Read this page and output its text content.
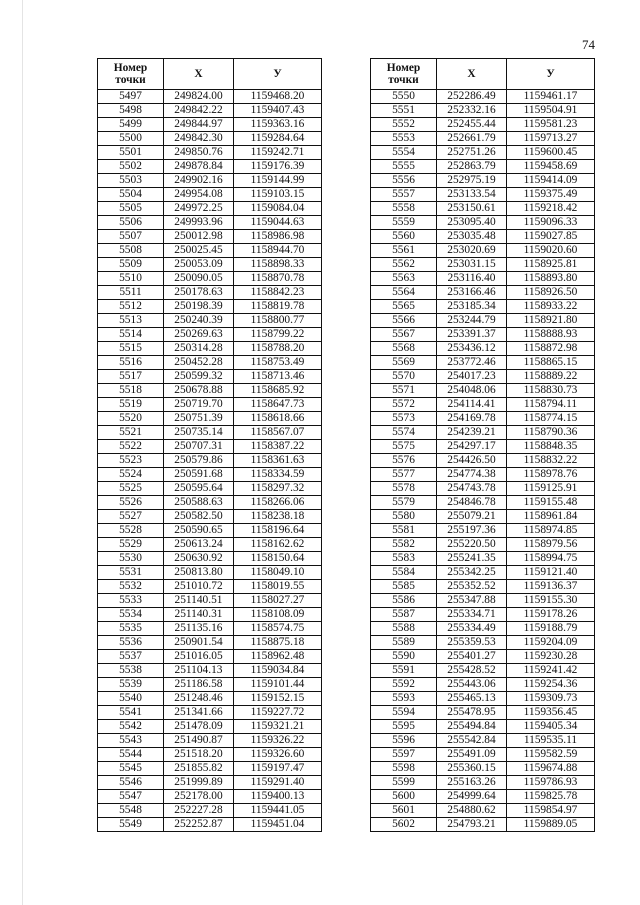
74
Номер
точки	X	У
5497	249824.00	1159468.20
5498	249842.22	1159407.43
5499	249844.97	1159363.16
5500	249842.30	1159284.64
5501	249850.76	1159242.71
5502	249878.84	1159176.39
5503	249902.16	1159144.99
5504	249954.08	1159103.15
5505	249972.25	1159084.04
5506	249993.96	1159044.63
5507	250012.98	1158986.98
5508	250025.45	1158944.70
5509	250053.09	1158898.33
5510	250090.05	1158870.78
5511	250178.63	1158842.23
5512	250198.39	1158819.78
5513	250240.39	1158800.77
5514	250269.63	1158799.22
5515	250314.28	1158788.20
5516	250452.28	1158753.49
5517	250599.32	1158713.46
5518	250678.88	1158685.92
5519	250719.70	1158647.73
5520	250751.39	1158618.66
5521	250735.14	1158567.07
5522	250707.31	1158387.22
5523	250579.86	1158361.63
5524	250591.68	1158334.59
5525	250595.64	1158297.32
5526	250588.63	1158266.06
5527	250582.50	1158238.18
5528	250590.65	1158196.64
5529	250613.24	1158162.62
5530	250630.92	1158150.64
5531	250813.80	1158049.10
5532	251010.72	1158019.55
5533	251140.51	1158027.27
5534	251140.31	1158108.09
5535	251135.16	1158574.75
5536	250901.54	1158875.18
5537	251016.05	1158962.48
5538	251104.13	1159034.84
5539	251186.58	1159101.44
5540	251248.46	1159152.15
5541	251341.66	1159227.72
5542	251478.09	1159321.21
5543	251490.87	1159326.22
5544	251518.20	1159326.60
5545	251855.82	1159197.47
5546	251999.89	1159291.40
5547	252178.00	1159400.13
5548	252227.28	1159441.05
5549	252252.87	1159451.04
Номер
точки	X	У
5550	252286.49	1159461.17
5551	252332.16	1159504.91
5552	252455.44	1159581.23
5553	252661.79	1159713.27
5554	252751.26	1159600.45
5555	252863.79	1159458.69
5556	252975.19	1159414.09
5557	253133.54	1159375.49
5558	253150.61	1159218.42
5559	253095.40	1159096.33
5560	253035.48	1159027.85
5561	253020.69	1159020.60
5562	253031.15	1158925.81
5563	253116.40	1158893.80
5564	253166.46	1158926.50
5565	253185.34	1158933.22
5566	253244.79	1158921.80
5567	253391.37	1158888.93
5568	253436.12	1158872.98
5569	253772.46	1158865.15
5570	254017.23	1158889.22
5571	254048.06	1158830.73
5572	254114.41	1158794.11
5573	254169.78	1158774.15
5574	254239.21	1158790.36
5575	254297.17	1158848.35
5576	254426.50	1158832.22
5577	254774.38	1158978.76
5578	254743.78	1159125.91
5579	254846.78	1159155.48
5580	255079.21	1158961.84
5581	255197.36	1158974.85
5582	255220.50	1158979.56
5583	255241.35	1158994.75
5584	255342.25	1159121.40
5585	255352.52	1159136.37
5586	255347.88	1159155.30
5587	255334.71	1159178.26
5588	255334.49	1159188.79
5589	255359.53	1159204.09
5590	255401.27	1159230.28
5591	255428.52	1159241.42
5592	255443.06	1159254.36
5593	255465.13	1159309.73
5594	255478.95	1159356.45
5595	255494.84	1159405.34
5596	255542.84	1159535.11
5597	255491.09	1159582.59
5598	255360.15	1159674.88
5599	255163.26	1159786.93
5600	254999.64	1159825.78
5601	254880.62	1159854.97
5602	254793.21	1159889.05
